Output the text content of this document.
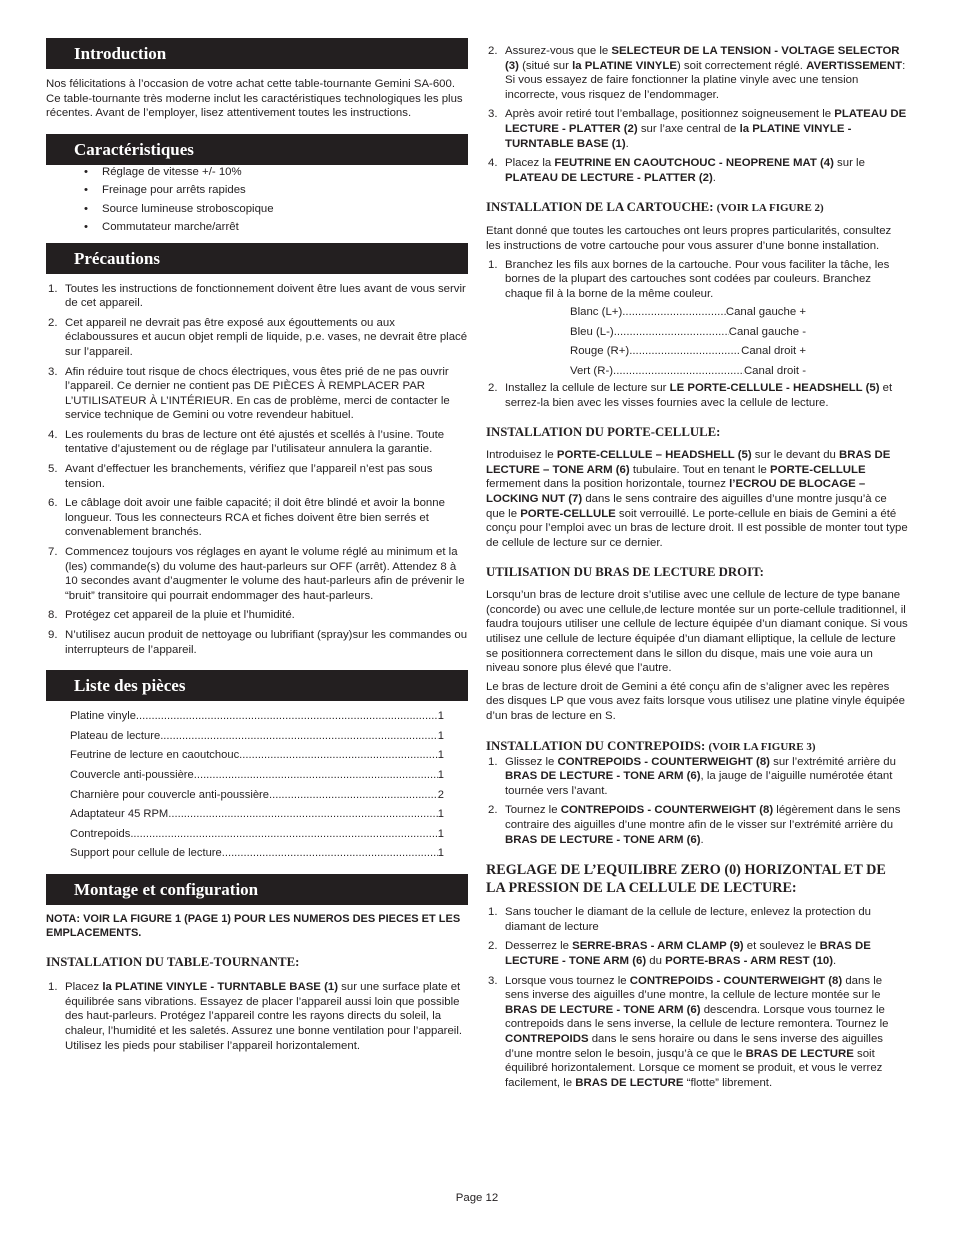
Introduction

Nos félicitations à l’occasion de votre achat cette table-tournante Gemini SA-600. Ce table-tournante très moderne inclut les caractéristiques technologiques les plus récentes. Avant de l’employer, lisez attentivement toutes les instructions.

Caractéristiques
• Réglage de vitesse +/- 10%
• Freinage pour arrêts rapides
• Source lumineuse stroboscopique
• Commutateur marche/arrêt
Précautions
1. Toutes les instructions de fonctionnement doivent être lues avant de vous servir de cet appareil.
2. Cet appareil ne devrait pas être exposé aux égouttements ou aux éclaboussures et aucun objet rempli de liquide, p.e. vases, ne devrait être placé sur l’appareil.
3. Afin réduire tout risque de chocs électriques, vous êtes prié de ne pas ouvrir l’appareil. Ce dernier ne contient pas DE PIÈCES À REMPLACER PAR L’UTILISATEUR À L’INTÉRIEUR. En cas de problème, merci de contacter le service technique de Gemini ou votre revendeur habituel.
4. Les roulements du bras de lecture ont été ajustés et scellés à l’usine. Toute tentative d’ajustement ou de réglage par l’utilisateur annulera la garantie.
5. Avant d’effectuer les branchements, vérifiez que l’appareil n’est pas sous tension.
6. Le câblage doit avoir une faible capacité; il doit être blindé et avoir la bonne longueur. Tous les connecteurs RCA et fiches doivent être bien serrés et convenablement branchés.
7. Commencez toujours vos réglages en ayant le volume réglé au minimum et la (les) commande(s) du volume des haut-parleurs sur OFF (arrêt). Attendez 8 à 10 secondes avant d’augmenter le volume des haut-parleurs afin de prévenir le “bruit” transitoire qui pourrait endommager des haut-parleurs.
8. Protégez cet appareil de la pluie et l’humidité.
9. N’utilisez aucun produit de nettoyage ou lubrifiant (spray)sur les commandes ou interrupteurs de l’appareil.
Liste des pièces
Platine vinyle .....	1
Plateau de lecture .....	1
Feutrine de lecture en caoutchouc .....	1
Couvercle anti-poussière .....	1
Charnière pour couvercle anti-poussière .....	2
Adaptateur 45 RPM .....	1
Contrepoids .....	1
Support pour cellule de lecture .....	1
Montage et configuration

NOTA: VOIR LA FIGURE 1 (PAGE 1) POUR LES NUMEROS DES PIECES ET LES EMPLACEMENTS.

INSTALLATION DU TABLE-TOURNANTE:

1. Placez la PLATINE VINYLE - TURNTABLE BASE (1) sur une surface plate et équilibrée sans vibrations. Essayez de placer l’appareil aussi loin que possible des haut-parleurs. Protégez l’appareil contre les rayons directs du soleil, la chaleur, l’humidité et les saletés. Assurez une bonne ventilation pour l’appareil. Utilisez les pieds pour stabiliser l’appareil horizontalement.
2. Assurez-vous que le SELECTEUR DE LA TENSION - VOLTAGE SELECTOR (3) (situé sur la PLATINE VINYLE) soit correctement réglé. AVERTISSEMENT: Si vous essayez de faire fonctionner la platine vinyle avec une tension incorrecte, vous risquez de l’endommager.
3. Après avoir retiré tout l’emballage, positionnez soigneusement le PLATEAU DE LECTURE - PLATTER (2) sur l’axe central de la PLATINE VINYLE - TURNTABLE BASE (1).
4. Placez la FEUTRINE EN CAOUTCHOUC - NEOPRENE MAT (4) sur le PLATEAU DE LECTURE - PLATTER (2).

INSTALLATION DE LA CARTOUCHE: (VOIR LA FIGURE 2)

Etant donné que toutes les cartouches ont leurs propres particularités, consultez les instructions de votre cartouche pour vous assurer d’une bonne installation.

1. Branchez les fils aux bornes de la cartouche. Pour vous faciliter la tâche, les bornes de la plupart des cartouches sont codées par couleurs. Branchez chaque fil à la borne de la même couleur.
Blanc (L+) .....	Canal gauche +
Bleu (L-) .....	Canal gauche -
Rouge (R+) .....	Canal droit +
Vert (R-) .....	Canal droit -
2. Installez la cellule de lecture sur LE PORTE-CELLULE - HEADSHELL (5) et serrez-la bien avec les visses fournies avec la cellule de lecture.

INSTALLATION DU PORTE-CELLULE:

Introduisez le PORTE-CELLULE – HEADSHELL (5) sur le devant du BRAS DE LECTURE – TONE ARM (6) tubulaire. Tout en tenant le PORTE-CELLULE fermement dans la position horizontale, tournez l’ECROU DE BLOCAGE – LOCKING NUT (7) dans le sens contraire des aiguilles d’une montre jusqu’à ce que le PORTE-CELLULE soit verrouillé. Le porte-cellule en biais de Gemini a été conçu pour l’emploi avec un bras de lecture droit. Il est possible de monter tout type de cellule de lecture sur ce dernier.

UTILISATION DU BRAS DE LECTURE DROIT:

Lorsqu’un bras de lecture droit s’utilise avec une cellule de lecture de type banane (concorde) ou avec une cellule,de lecture montée sur un porte-cellule traditionnel, il faudra toujours utiliser une cellule de lecture équipée d’un diamant conique. Si vous utilisez une cellule de lecture équipée d’un diamant elliptique, la cellule de lecture se positionnera correctement dans le sillon du disque, mais une voie aura un niveau sonore plus élevé que l’autre.

Le bras de lecture droit de Gemini a été conçu afin de s’aligner avec les repères des disques LP que vous avez faits lorsque vous utilisez une platine vinyle équipée d’un bras de lecture en S.

INSTALLATION DU CONTREPOIDS: (VOIR LA FIGURE 3)

1. Glissez le CONTREPOIDS - COUNTERWEIGHT (8) sur l’extrémité arrière du BRAS DE LECTURE - TONE ARM (6), la jauge de l’aiguille numérotée étant tournée vers l’avant.
2. Tournez le CONTREPOIDS - COUNTERWEIGHT (8) légèrement dans le sens contraire des aiguilles d’une montre afin de le visser sur l’extrémité arrière du BRAS DE LECTURE - TONE ARM (6).

REGLAGE DE L’EQUILIBRE ZERO (0) HORIZONTAL ET DE LA PRESSION DE LA CELLULE DE LECTURE:

1. Sans toucher le diamant de la cellule de lecture, enlevez la protection du diamant de lecture
2. Desserrez le SERRE-BRAS - ARM CLAMP (9) et soulevez le BRAS DE LECTURE - TONE ARM (6) du PORTE-BRAS - ARM REST (10).
3. Lorsque vous tournez le CONTREPOIDS - COUNTERWEIGHT (8) dans le sens inverse des aiguilles d’une montre, la cellule de lecture montée sur le BRAS DE LECTURE - TONE ARM (6) descendra. Lorsque vous tournez le contrepoids dans le sens inverse, la cellule de lecture remontera. Tournez le CONTREPOIDS dans le sens horaire ou dans le sens inverse des aiguilles d’une montre selon le besoin, jusqu’à ce que le BRAS DE LECTURE soit équilibré horizontalement. Lorsque ce moment se produit, et vous le verrez facilement, le BRAS DE LECTURE “flotte” librement.
Page 12
